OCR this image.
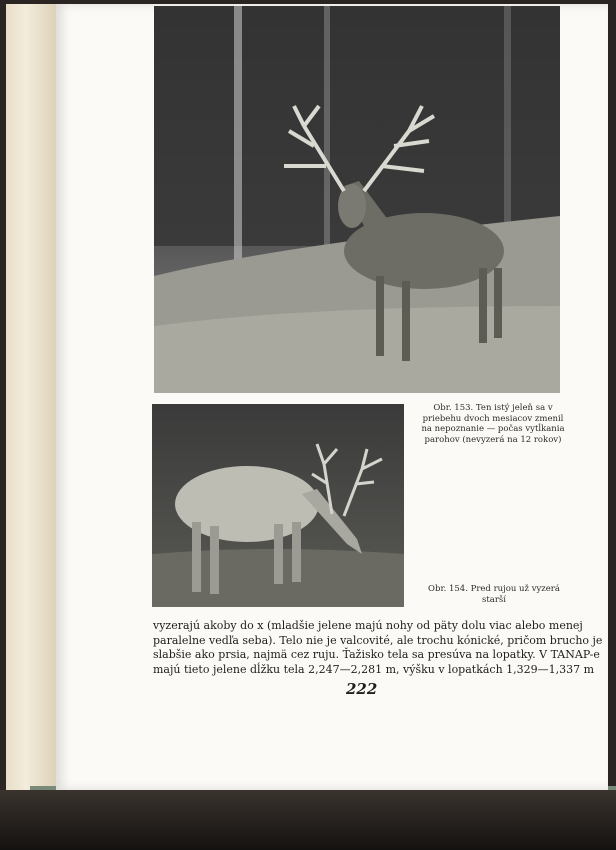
Obr. 153. Ten istý jeleň sa v priebehu dvoch mesiacov zmenil na nepoznanie — počas vytĺkania parohov (nevyzerá na 12 rokov)
Obr. 154. Pred rujou už vyzerá starší
vyzerajú akoby do x (mladšie jelene majú nohy od päty dolu viac alebo menej
paralelne vedľa seba). Telo nie je valcovité, ale trochu kónické, pričom brucho je
slabšie ako prsia, najmä cez ruju. Ťažisko tela sa presúva na lopatky. V TANAP-e
majú tieto jelene dĺžku tela 2,247—2,281 m, výšku v lopatkách 1,329—1,337 m
222
